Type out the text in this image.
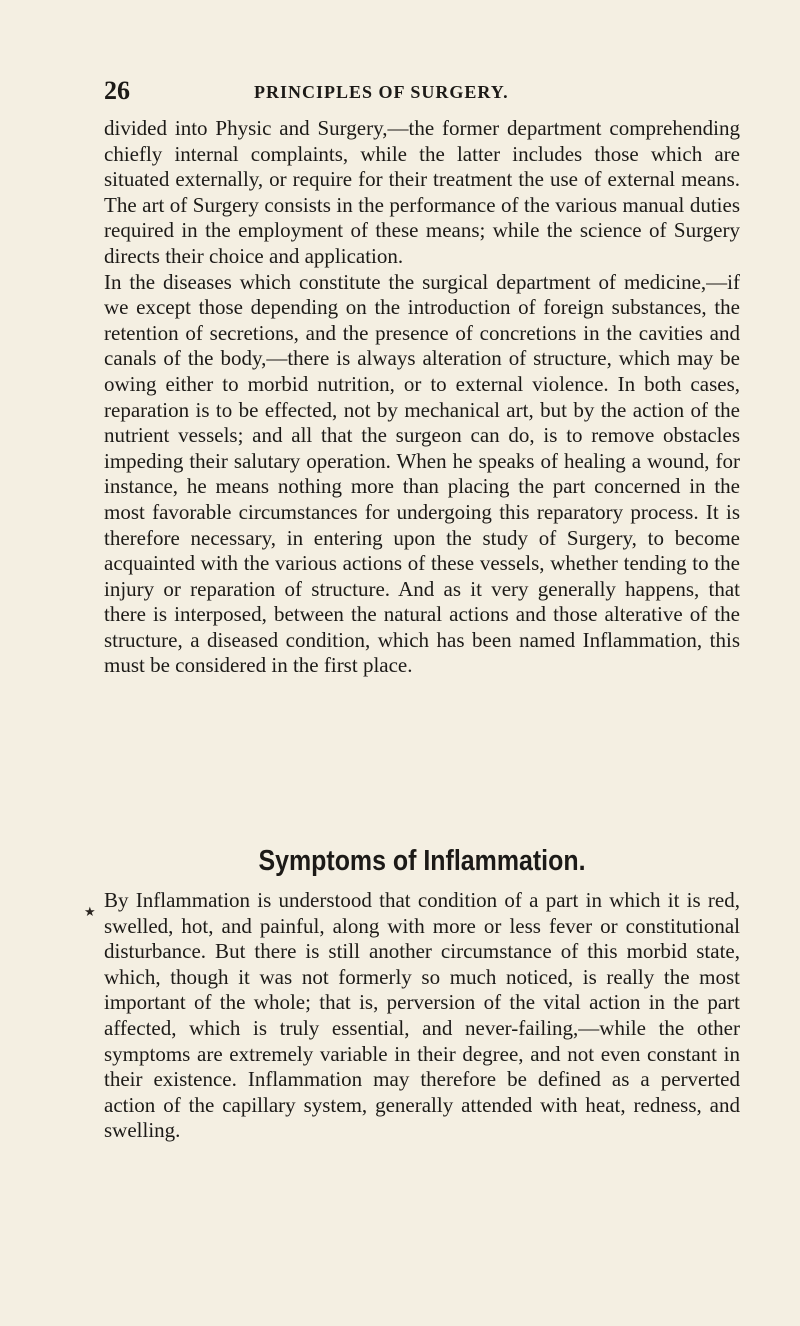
26	PRINCIPLES OF SURGERY.

divided into Physic and Surgery,—the former department comprehending chiefly internal complaints, while the latter includes those which are situated externally, or require for their treatment the use of external means. The art of Surgery consists in the performance of the various manual duties required in the employment of these means; while the science of Surgery directs their choice and application.

In the diseases which constitute the surgical department of medicine,—if we except those depending on the introduction of foreign substances, the retention of secretions, and the presence of concretions in the cavities and canals of the body,—there is always alteration of structure, which may be owing either to morbid nutrition, or to external violence. In both cases, reparation is to be effected, not by mechanical art, but by the action of the nutrient vessels; and all that the surgeon can do, is to remove obstacles impeding their salutary operation. When he speaks of healing a wound, for instance, he means nothing more than placing the part concerned in the most favorable circumstances for undergoing this reparatory process. It is therefore necessary, in entering upon the study of Surgery, to become acquainted with the various actions of these vessels, whether tending to the injury or reparation of structure. And as it very generally happens, that there is interposed, between the natural actions and those alterative of the structure, a diseased condition, which has been named Inflammation, this must be considered in the first place.

Symptoms of Inflammation.
★

By Inflammation is understood that condition of a part in which it is red, swelled, hot, and painful, along with more or less fever or constitutional disturbance. But there is still another circumstance of this morbid state, which, though it was not formerly so much noticed, is really the most important of the whole; that is, perversion of the vital action in the part affected, which is truly essential, and never-failing,—while the other symptoms are extremely variable in their degree, and not even constant in their existence. Inflammation may therefore be defined as a perverted action of the capillary system, generally attended with heat, redness, and swelling.
